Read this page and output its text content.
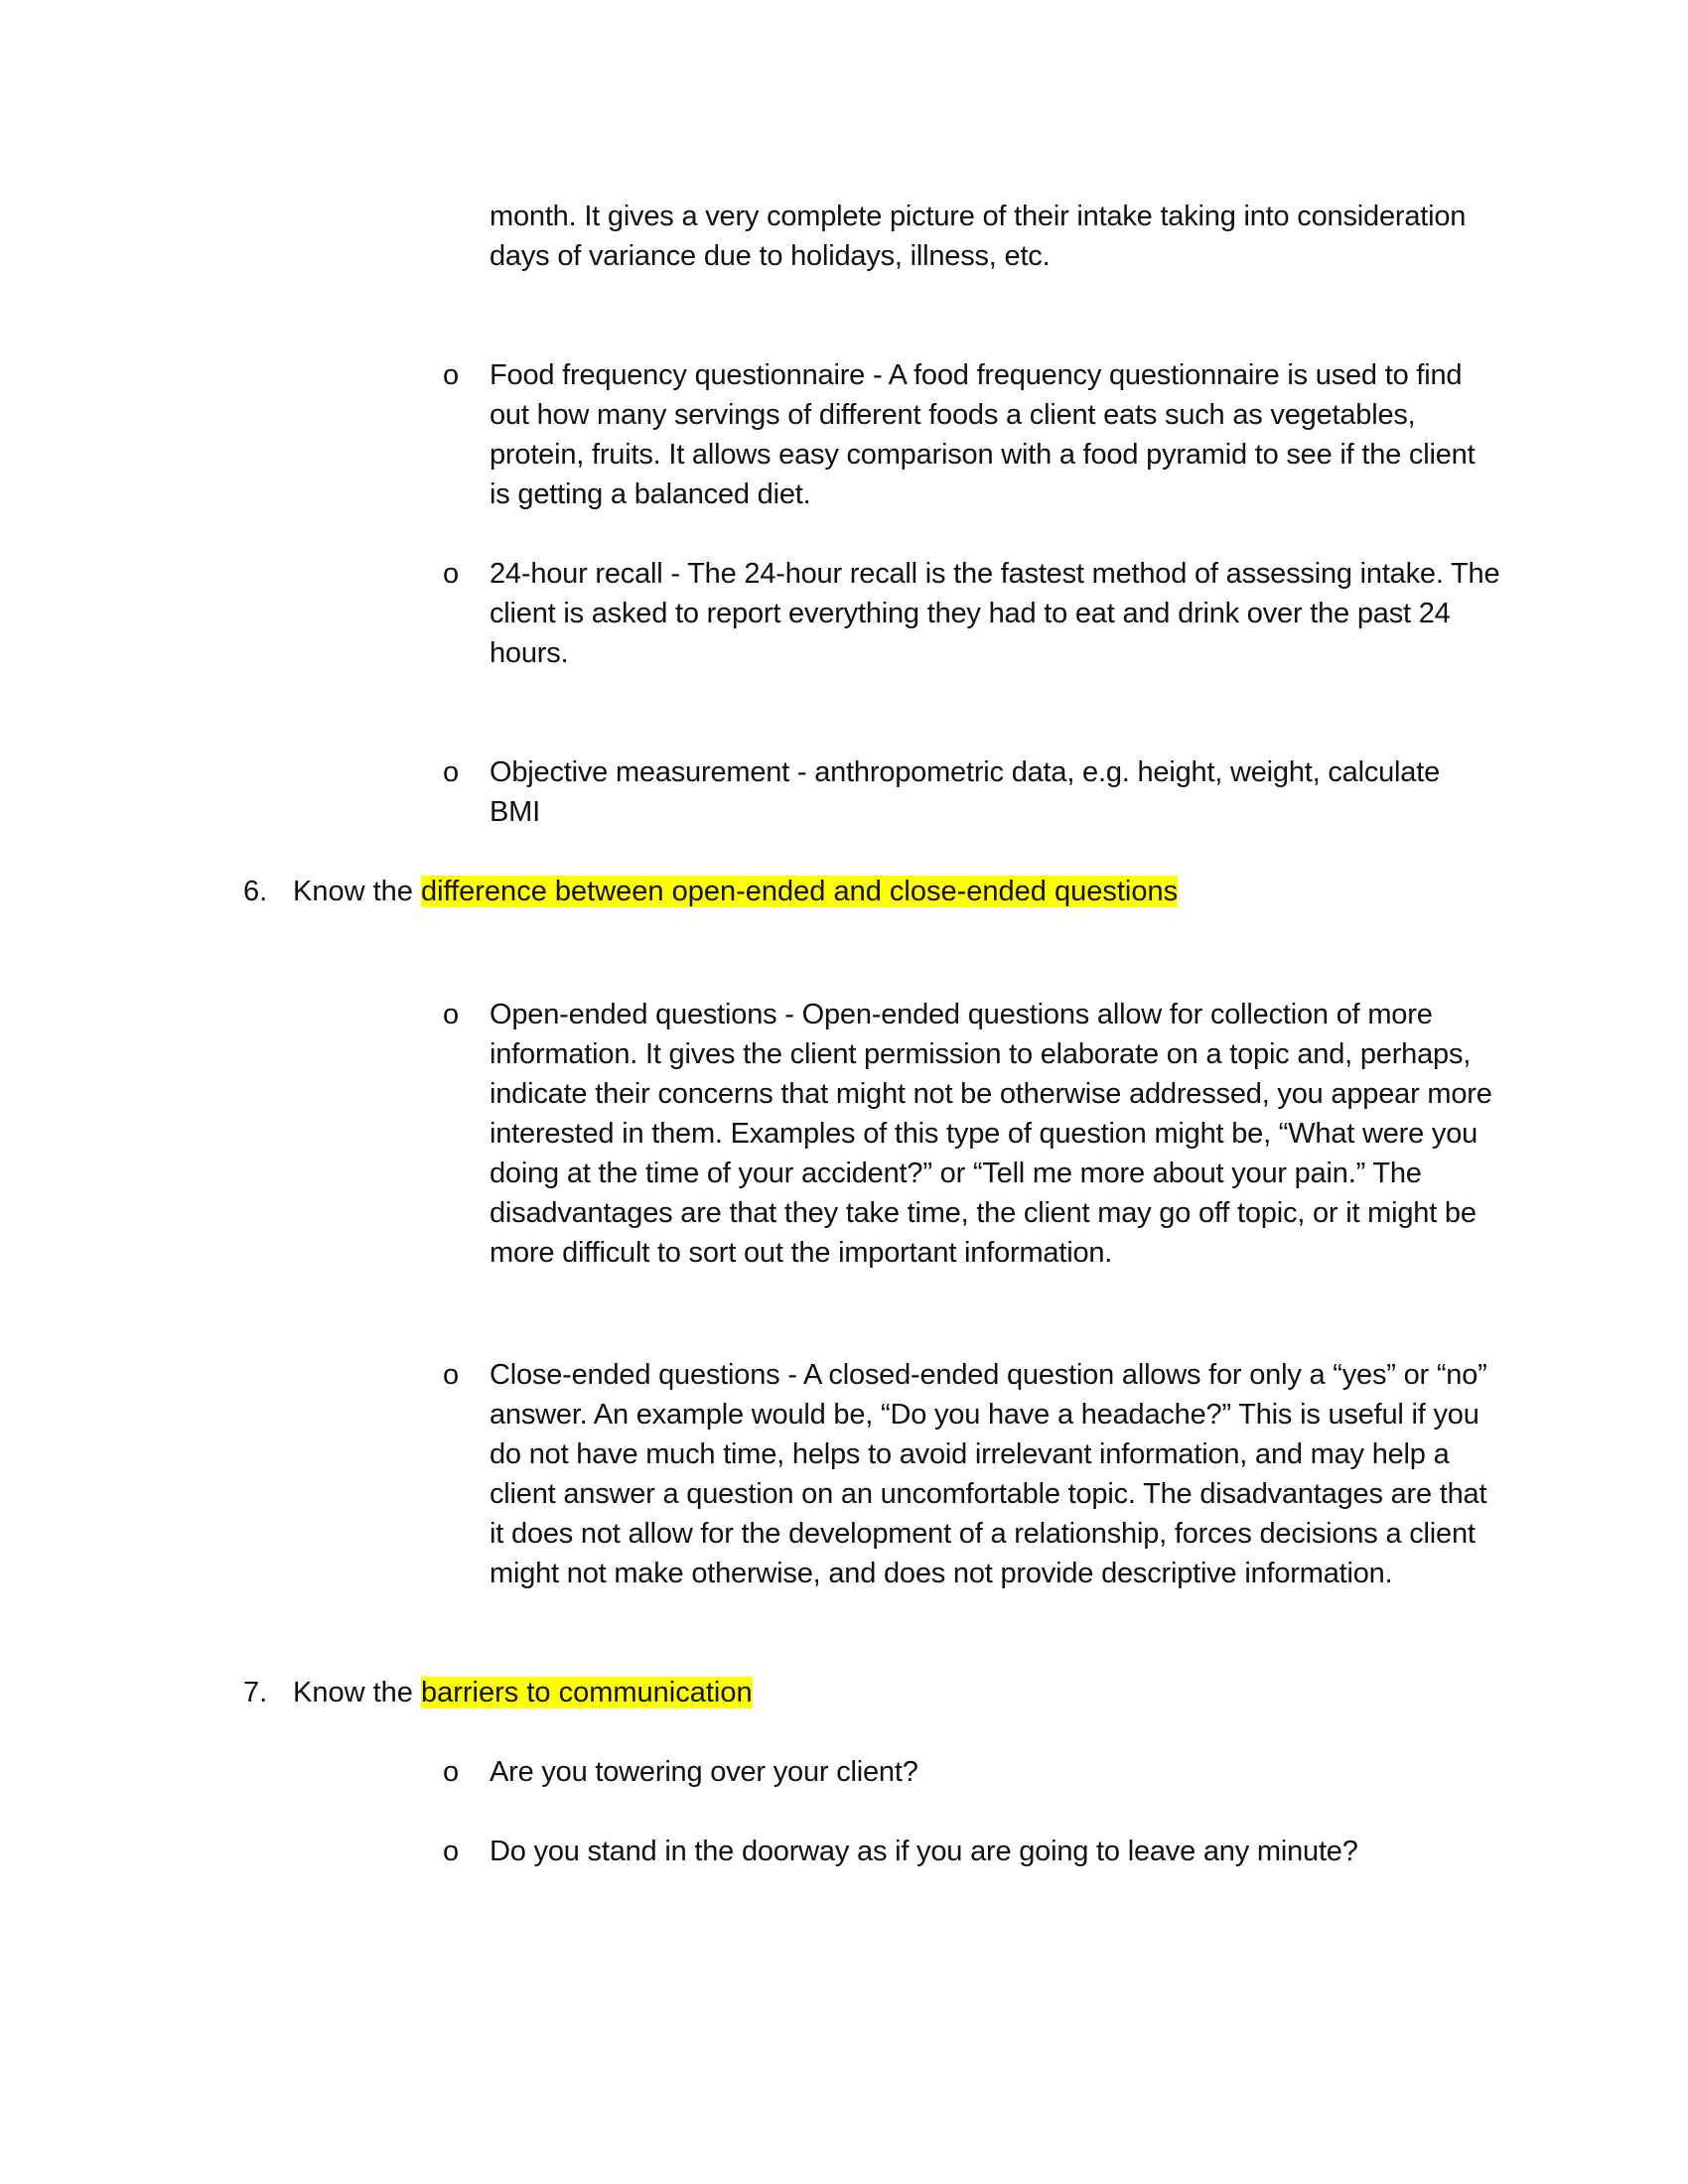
month. It gives a very complete picture of their intake taking into consideration
days of variance due to holidays, illness, etc.
o Food frequency questionnaire - A food frequency questionnaire is used to find
out how many servings of different foods a client eats such as vegetables,
protein, fruits. It allows easy comparison with a food pyramid to see if the client
is getting a balanced diet.
o 24-hour recall - The 24-hour recall is the fastest method of assessing intake. The
client is asked to report everything they had to eat and drink over the past 24
hours.
o Objective measurement - anthropometric data, e.g. height, weight, calculate
BMI
6. Know the difference between open-ended and close-ended questions
o Open-ended questions - Open-ended questions allow for collection of more
information. It gives the client permission to elaborate on a topic and, perhaps,
indicate their concerns that might not be otherwise addressed, you appear more
interested in them. Examples of this type of question might be, “What were you
doing at the time of your accident?” or “Tell me more about your pain.” The
disadvantages are that they take time, the client may go off topic, or it might be
more difficult to sort out the important information.
o Close-ended questions - A closed-ended question allows for only a “yes” or “no”
answer. An example would be, “Do you have a headache?” This is useful if you
do not have much time, helps to avoid irrelevant information, and may help a
client answer a question on an uncomfortable topic. The disadvantages are that
it does not allow for the development of a relationship, forces decisions a client
might not make otherwise, and does not provide descriptive information.
7. Know the barriers to communication
o Are you towering over your client?
o Do you stand in the doorway as if you are going to leave any minute?
